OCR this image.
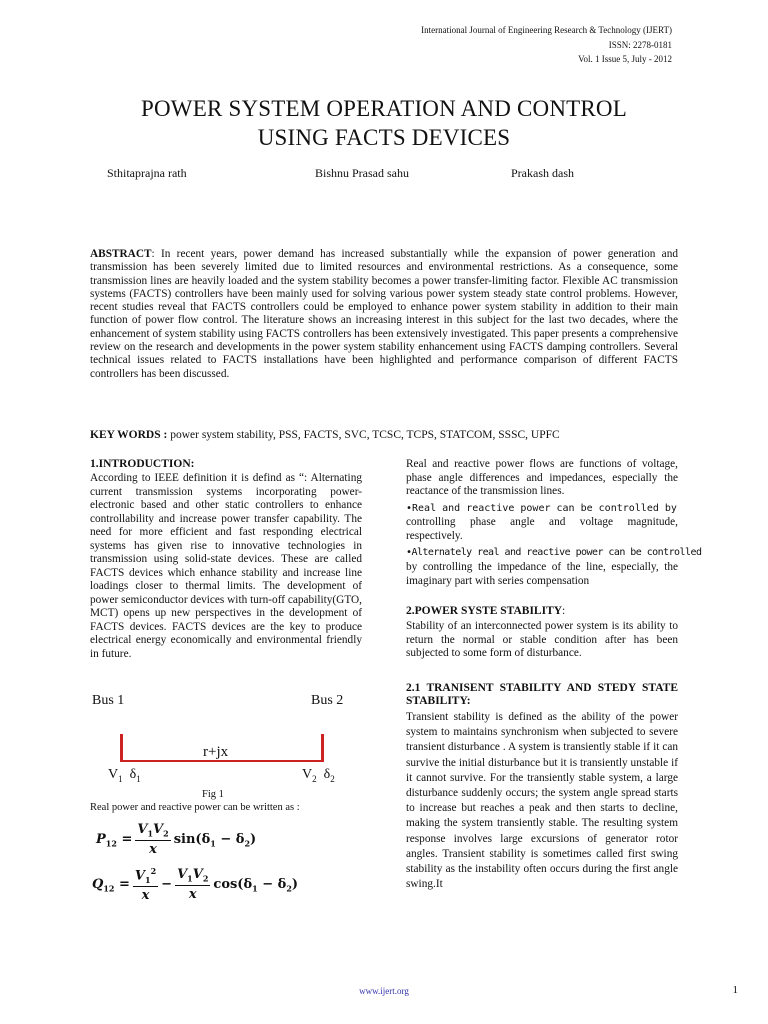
International Journal of Engineering Research & Technology (IJERT)
ISSN: 2278-0181
Vol. 1 Issue 5, July - 2012
POWER SYSTEM OPERATION AND CONTROL
USING FACTS DEVICES
Sthitaprajna rath	Bishnu Prasad sahu	Prakash dash
ABSTRACT: In recent years, power demand has increased substantially while the expansion of power generation and transmission has been severely limited due to limited resources and environmental restrictions. As a consequence, some transmission lines are heavily loaded and the system stability becomes a power transfer-limiting factor. Flexible AC transmission systems (FACTS) controllers have been mainly used for solving various power system steady state control problems. However, recent studies reveal that FACTS controllers could be employed to enhance power system stability in addition to their main function of power flow control. The literature shows an increasing interest in this subject for the last two decades, where the enhancement of system stability using FACTS controllers has been extensively investigated. This paper presents a comprehensive review on the research and developments in the power system stability enhancement using FACTS damping controllers. Several technical issues related to FACTS installations have been highlighted and performance comparison of different FACTS controllers has been discussed.
KEY WORDS : power system stability, PSS, FACTS, SVC, TCSC, TCPS, STATCOM, SSSC, UPFC
1.INTRODUCTION:
According to IEEE definition it is defind as “: Alternating current transmission systems incorporating power-electronic based and other static controllers to enhance controllability and increase power transfer capability. The need for more efficient and fast responding electrical systems has given rise to innovative technologies in transmission using solid-state devices. These are called FACTS devices which enhance stability and increase line loadings closer to thermal limits. The development of power semiconductor devices with turn-off capability(GTO, MCT) opens up new perspectives in the development of FACTS devices. FACTS devices are the key to produce electrical energy economically and environmental friendly in future.
Bus 1	Bus 2
r+jx
$V_1$ $\delta_1$	$V_2$ $\delta_2$
Fig 1
Real power and reactive power can be written as :
$P_{12} = \frac{V_1V_2}{x} \sin(\delta_1 - \delta_2)$
$Q_{12} = \frac{V_1^2}{x} - \frac{V_1V_2}{x} \cos(\delta_1 - \delta_2)$
Real and reactive power flows are functions of voltage, phase angle differences and impedances, especially the reactance of the transmission lines.
•Real and reactive power can be controlled by
controlling phase angle and voltage magnitude, respectively.
•Alternately real and reactive power can be controlled
by controlling the impedance of the line, especially, the imaginary part with series compensation
2.POWER SYSTE STABILITY:
Stability of an interconnected power system is its ability to return the normal or stable condition after has been subjected to some form of disturbance.
2.1 TRANISENT STABILITY AND STEDY STATE STABILITY:
Transient stability is defined as the ability of the power system to maintains synchronism when subjected to severe transient disturbance . A system is transiently stable if it can survive the initial disturbance but it is transiently unstable if it cannot survive. For the transiently stable system, a large disturbance suddenly occurs; the system angle spread starts to increase but reaches a peak and then starts to decline, making the system transiently stable. The resulting system response involves large excursions of generator rotor angles. Transient stability is sometimes called first swing stability as the instability often occurs during the first angle swing.It
www.ijert.org	1
